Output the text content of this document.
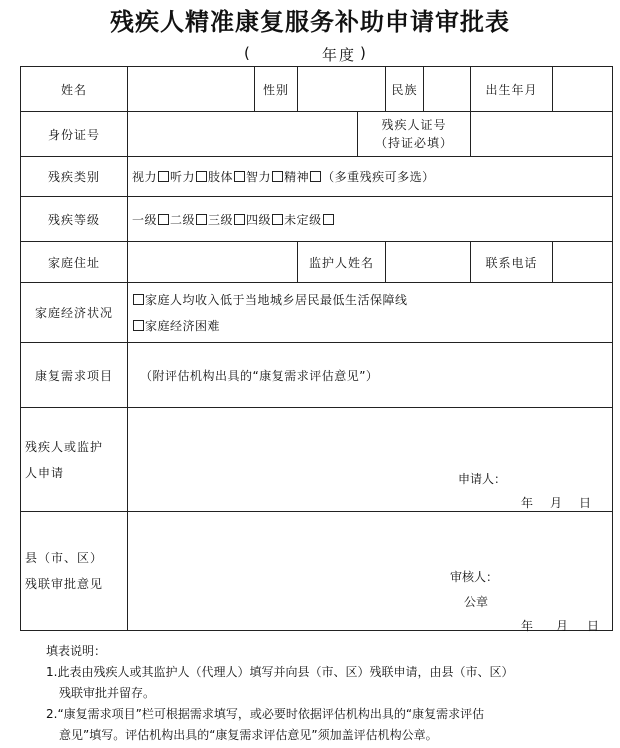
残疾人精准康复服务补助申请审批表
(	年度 )
姓名		性别			民族		出生年月	
身份证号				残疾人证号
（持证必填）				

残疾类别	视力 听力 肢体 智力 精神 （多重残疾可多选）							
残疾等级	一级 二级 三级 四级 未定级							
家庭住址			监护人姓名				联系电话	
家庭经济状况	家庭人均收入低于当地城乡居民最低生活保障线
家庭经济困难							

康复需求项目	（附评估机构出具的“康复需求评估意见”）							

残疾人或监护
人申请	申请人：
年 月 日							

县（市、区）
残联审批意见	审核人：
公章
年 月 日							
填表说明：
1.此表由残疾人或其监护人（代理人）填写并向县（市、区）残联申请，由县（市、区）
残联审批并留存。
2.“康复需求项目”栏可根据需求填写，或必要时依据评估机构出具的“康复需求评估
意见”填写。评估机构出具的“康复需求评估意见”须加盖评估机构公章。
